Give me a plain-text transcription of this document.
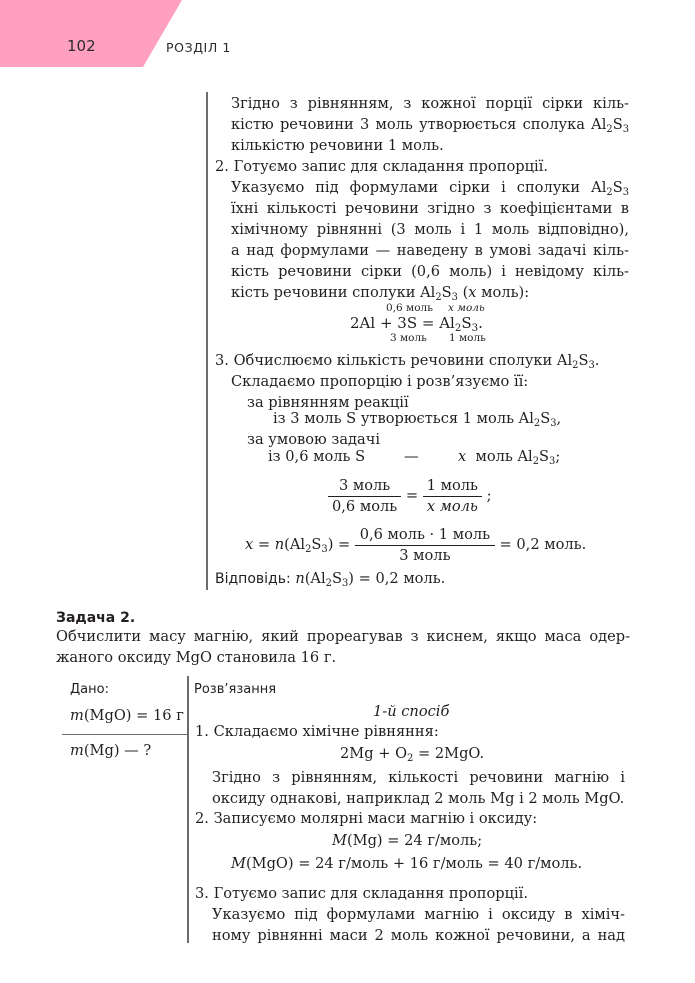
102	РОЗДІЛ 1
Згідно з рівнянням, з кожної порції сірки кіль-
кістю речовини 3 моль утворюється сполука $Al_2S_3$
кількістю речовини 1 моль.
2. Готуємо запис для складання пропорції.
Указуємо під формулами сірки і сполуки $Al_2S_3$
їхні кількості речовини згідно з коефіцієнтами в
хімічному рівнянні (3 моль і 1 моль відповідно),
а над формулами — наведену в умові задачі кіль-
кість речовини сірки (0,6 моль) і невідому кіль-
кість речовини сполуки $Al_2S_3$ (x моль):
0,6 моль x моль
$2Al + 3S = Al_2S_3$.
3 моль 1 моль
3. Обчислюємо кількість речовини сполуки $Al_2S_3$.
Складаємо пропорцію і розв’язуємо її:
за рівнянням реакції
із 3 моль S утворюється 1 моль $Al_2S_3$,
за умовою задачі
із 0,6 моль S	—	x моль $Al_2S_3$;
$\frac{\text{3 моль}}{\text{0,6 моль}} = \frac{\text{1 моль}}{\text{x моль}}$ ;
$x = n(Al_2S_3) = \frac{\text{0,6 моль · 1 моль}}{\text{3 моль}} = 0,2$ моль.
Відповідь: $n(Al_2S_3) = 0,2$ моль.
Задача 2.
Обчислити масу магнію, який прореагував з киснем, якщо маса одер-
жаного оксиду MgO становила 16 г.
Дано:
m(MgO) = 16 г
m(Mg) — ?
Розв’язання
1-й спосіб
1. Складаємо хімічне рівняння:
$2Mg + O_2 = 2MgO$.
Згідно з рівнянням, кількості речовини магнію і
оксиду однакові, наприклад 2 моль Mg і 2 моль MgO.
2. Записуємо молярні маси магнію і оксиду:
M(Mg) = 24 г/моль;
M(MgO) = 24 г/моль + 16 г/моль = 40 г/моль.
3. Готуємо запис для складання пропорції.
Указуємо під формулами магнію і оксиду в хіміч-
ному рівнянні маси 2 моль кожної речовини, а над
